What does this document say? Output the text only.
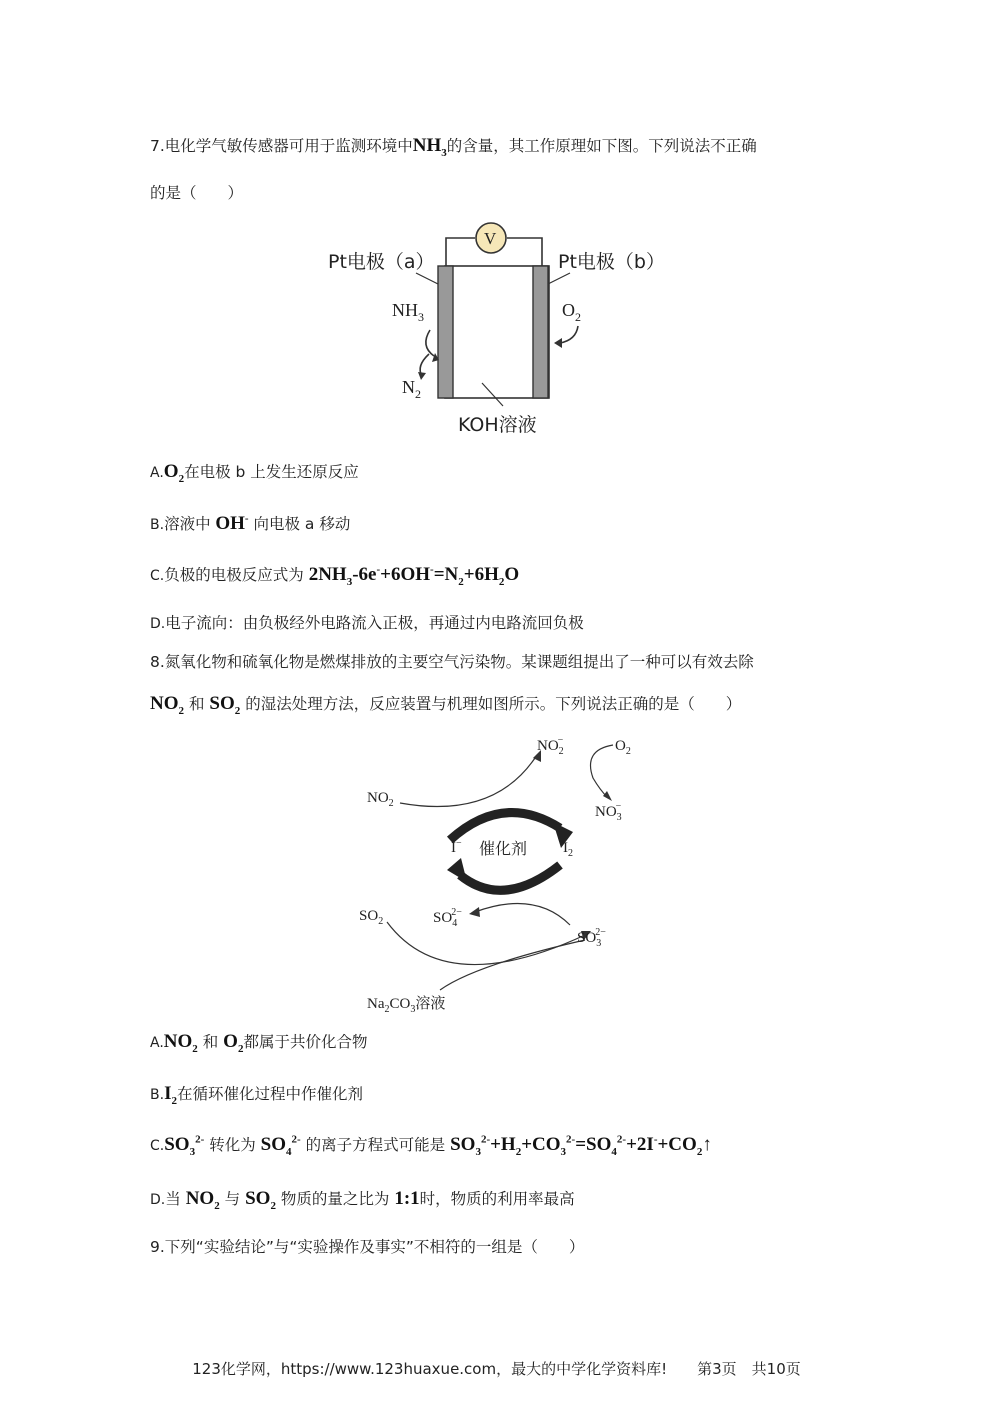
7.电化学气敏传感器可用于监测环境中$NH_3$的含量，其工作原理如下图。下列说法不正确
的是（　　）
V
Pt电极（a）	Pt电极（b）
$NH_3$	$O_2$
$N_2$
KOH溶液
$A.O_2$在电极 b 上发生还原反应
B.溶液中 OH- 向电极 a 移动
C.负极的电极反应式为 $2NH_3-6e^-+6OH^-=N_2+6H_2O$
D.电子流向：由负极经外电路流入正极，再通过内电路流回负极
8.氮氧化物和硫氧化物是燃煤排放的主要空气污染物。某课题组提出了一种可以有效去除
$NO_2$ 和 $SO_2$ 的湿法处理方法，反应装置与机理如图所示。下列说法正确的是（　　）
$NO_2$
$NO_2-$	$O_2$
$NO_3-$
I− 催化剂 $I_2$
$SO_2$	$SO_42-$
$SO_32-$
$Na_2CO_3$溶液
$A.NO_2$ 和 $O_2$都属于共价化合物
$B.I_2$在循环催化过程中作催化剂
$C.SO_3^{2-}$ 转化为 $SO_4^{2-}$ 的离子方程式可能是 $SO_3^{2-}+H_2+CO_3^{2-}=SO_4^{2-}+2I^-+CO_2↑$
D.当 $NO_2$ 与 $SO_2$ 物质的量之比为 1:1时，物质的利用率最高
9.下列“实验结论”与“实验操作及事实”不相符的一组是（　　）
123化学网，https://www.123huaxue.com，最大的中学化学资料库!　　第3页　共10页
